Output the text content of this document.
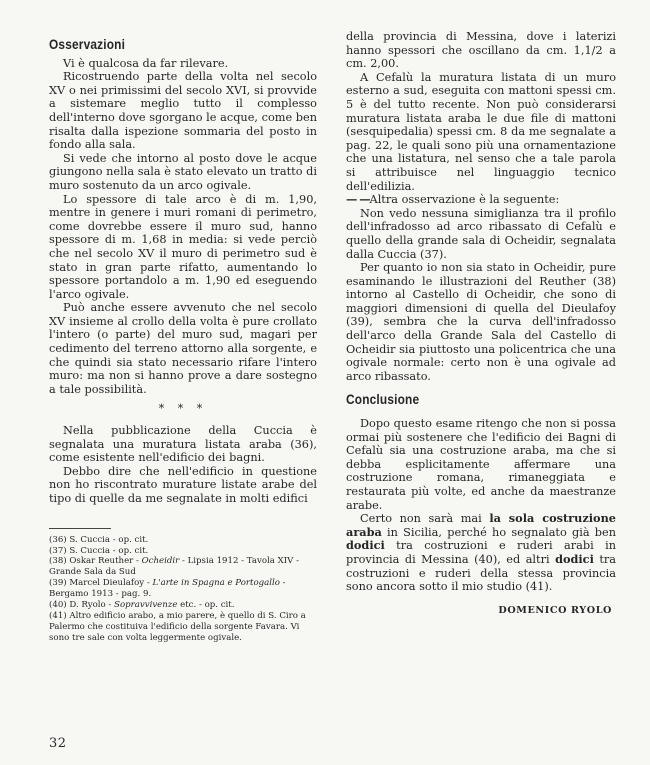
Osservazioni

Vi è qualcosa da far rilevare.

Ricostruendo parte della volta nel secolo XV o nei primissimi del secolo XVI, si provvide a sistemare meglio tutto il complesso dell'interno dove sgorgano le acque, come ben risalta dalla ispezione sommaria del posto in fondo alla sala.

Si vede che intorno al posto dove le acque giungono nella sala è stato elevato un tratto di muro sostenuto da un arco ogivale.

Lo spessore di tale arco è di m. 1,90, mentre in genere i muri romani di perimetro, come dovrebbe essere il muro sud, hanno spessore di m. 1,68 in media: si vede perciò che nel secolo XV il muro di perimetro sud è stato in gran parte rifatto, aumentando lo spessore portandolo a m. 1,90 ed eseguendo l'arco ogivale.

Può anche essere avvenuto che nel secolo XV insieme al crollo della volta è pure crollato l'intero (o parte) del muro sud, magari per cedimento del terreno attorno alla sorgente, e che quindi sia stato necessario rifare l'intero muro: ma non si hanno prove a dare sostegno a tale possibilità.

* * *

Nella pubblicazione della Cuccia è segnalata una muratura listata araba (36), come esistente nell'edificio dei bagni.

Debbo dire che nell'edificio in questione non ho riscontrato murature listate arabe del tipo di quelle da me segnalate in molti edifici

(36) S. Cuccia - op. cit.
(37) S. Cuccia - op. cit.
(38) Oskar Reuther - Ocheidir - Lipsia 1912 - Tavola XIV - Grande Sala da Sud
(39) Marcel Dieulafoy - L'arte in Spagna e Portogallo - Bergamo 1913 - pag. 9.
(40) D. Ryolo - Sopravvivenze etc. - op. cit.
(41) Altro edificio arabo, a mio parere, è quello di S. Ciro a Palermo che costituiva l'edificio della sorgente Favara. Vi sono tre sale con volta leggermente ogivale.

della provincia di Messina, dove i laterizi hanno spessori che oscillano da cm. 1,1/2 a cm. 2,00.

A Cefalù la muratura listata di un muro esterno a sud, eseguita con mattoni spessi cm. 5 è del tutto recente. Non può considerarsi muratura listata araba le due file di mattoni (sesquipedalia) spessi cm. 8 da me segnalate a pag. 22, le quali sono più una ornamentazione che una listatura, nel senso che a tale parola si attribuisce nel linguaggio tecnico dell'edilizia.

— —Altra osservazione è la seguente:

Non vedo nessuna simiglianza tra il profilo dell'infradosso ad arco ribassato di Cefalù e quello della grande sala di Ocheidir, segnalata dalla Cuccia (37).

Per quanto io non sia stato in Ocheidir, pure esaminando le illustrazioni del Reuther (38) intorno al Castello di Ocheidir, che sono di maggiori dimensioni di quella del Dieulafoy (39), sembra che la curva dell'infradosso dell'arco della Grande Sala del Castello di Ocheidir sia piuttosto una policentrica che una ogivale normale: certo non è una ogivale ad arco ribassato.

Conclusione

Dopo questo esame ritengo che non si possa ormai più sostenere che l'edificio dei Bagni di Cefalù sia una costruzione araba, ma che si debba esplicitamente affermare una costruzione romana, rimaneggiata e restaurata più volte, ed anche da maestranze arabe.

Certo non sarà mai la sola costruzione araba in Sicilia, perché ho segnalato già ben dodici tra costruzioni e ruderi arabi in provincia di Messina (40), ed altri dodici tra costruzioni e ruderi della stessa provincia sono ancora sotto il mio studio (41).

DOMENICO RYOLO
32
